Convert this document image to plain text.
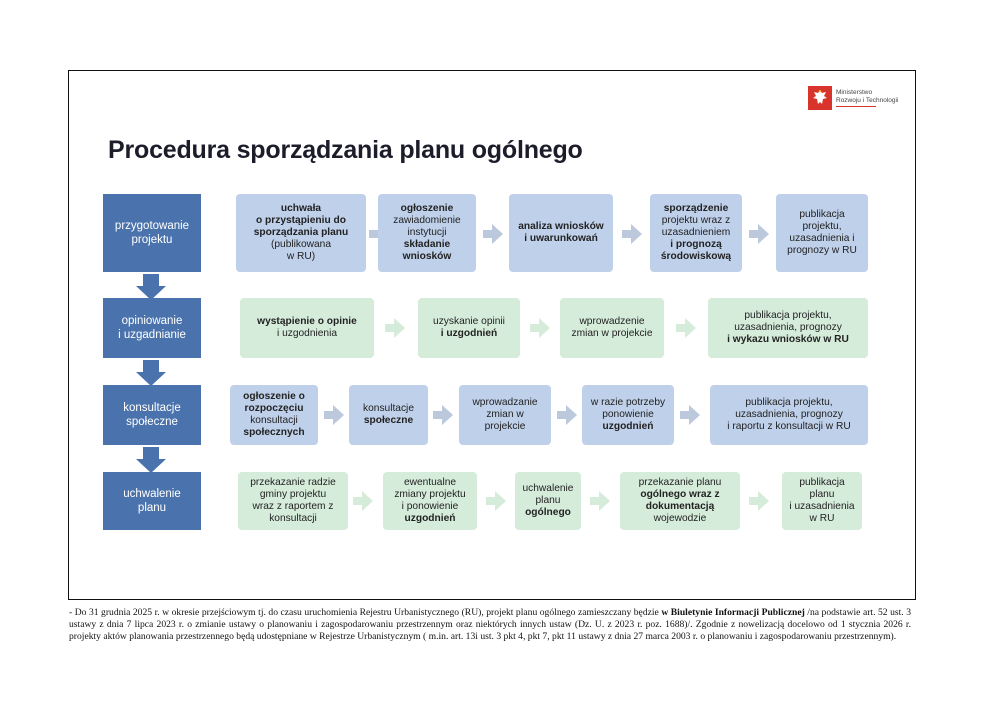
Ministerstwo
Rozwoju i Technologii
Procedura sporządzania planu ogólnego
przygotowanie
projektu
opiniowanie
i uzgadnianie
konsultacje
społeczne
uchwalenie
planu
uchwała
o przystąpieniu do
sporządzania planu
(publikowana
w RU)
ogłoszenie
zawiadomienie
instytucji
składanie
wniosków
analiza wniosków
i uwarunkowań
sporządzenie
projektu wraz z
uzasadnieniem
i prognozą
środowiskową
publikacja
projektu,
uzasadnienia i
prognozy w RU
wystąpienie o opinie
i uzgodnienia
uzyskanie opinii
i uzgodnień
wprowadzenie
zmian w projekcie
publikacja projektu,
uzasadnienia, prognozy
i wykazu wniosków w RU
ogłoszenie o
rozpoczęciu
konsultacji
społecznych
konsultacje
społeczne
wprowadzanie
zmian w
projekcie
w razie potrzeby
ponowienie
uzgodnień
publikacja projektu,
uzasadnienia, prognozy
i raportu z konsultacji w RU
przekazanie radzie
gminy projektu
wraz z raportem z
konsultacji
ewentualne
zmiany projektu
i ponowienie
uzgodnień
uchwalenie
planu
ogólnego
przekazanie planu
ogólnego wraz z
dokumentacją
wojewodzie
publikacja planu
i uzasadnienia
w RU
- Do 31 grudnia 2025 r. w okresie przejściowym tj. do czasu uruchomienia Rejestru Urbanistycznego (RU), projekt planu ogólnego zamieszczany będzie w Biuletynie Informacji Publicznej /na podstawie art. 52 ust. 3 ustawy z dnia 7 lipca 2023 r. o zmianie ustawy o planowaniu i zagospodarowaniu przestrzennym oraz niektórych innych ustaw (Dz. U. z 2023 r. poz. 1688)/. Zgodnie z nowelizacją docelowo od 1 stycznia 2026 r. projekty aktów planowania przestrzennego będą udostępniane w Rejestrze Urbanistycznym ( m.in. art. 13i ust. 3 pkt 4, pkt 7, pkt 11 ustawy z dnia 27 marca 2003 r. o planowaniu i zagospodarowaniu przestrzennym).
